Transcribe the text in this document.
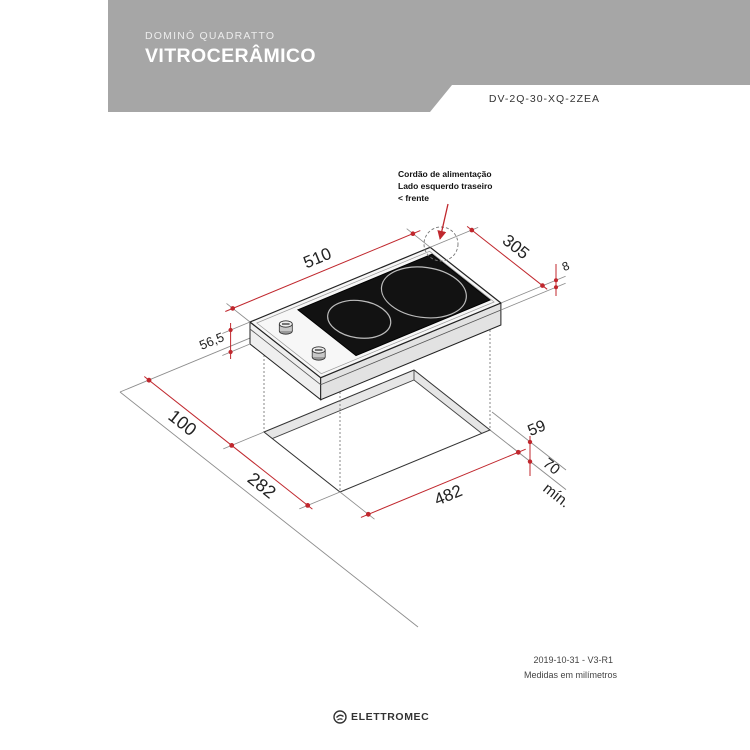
DOMINÓ QUADRATTO
VITROCERÂMICO
DV-2Q-30-XQ-2ZEA
Cordão de alimentação
Lado esquerdo traseiro
< frente
510	305
8
56,5
100
282	482
59
70
mín.
2019-10-31 - V3-R1
Medidas em milímetros
ELETTROMEC
